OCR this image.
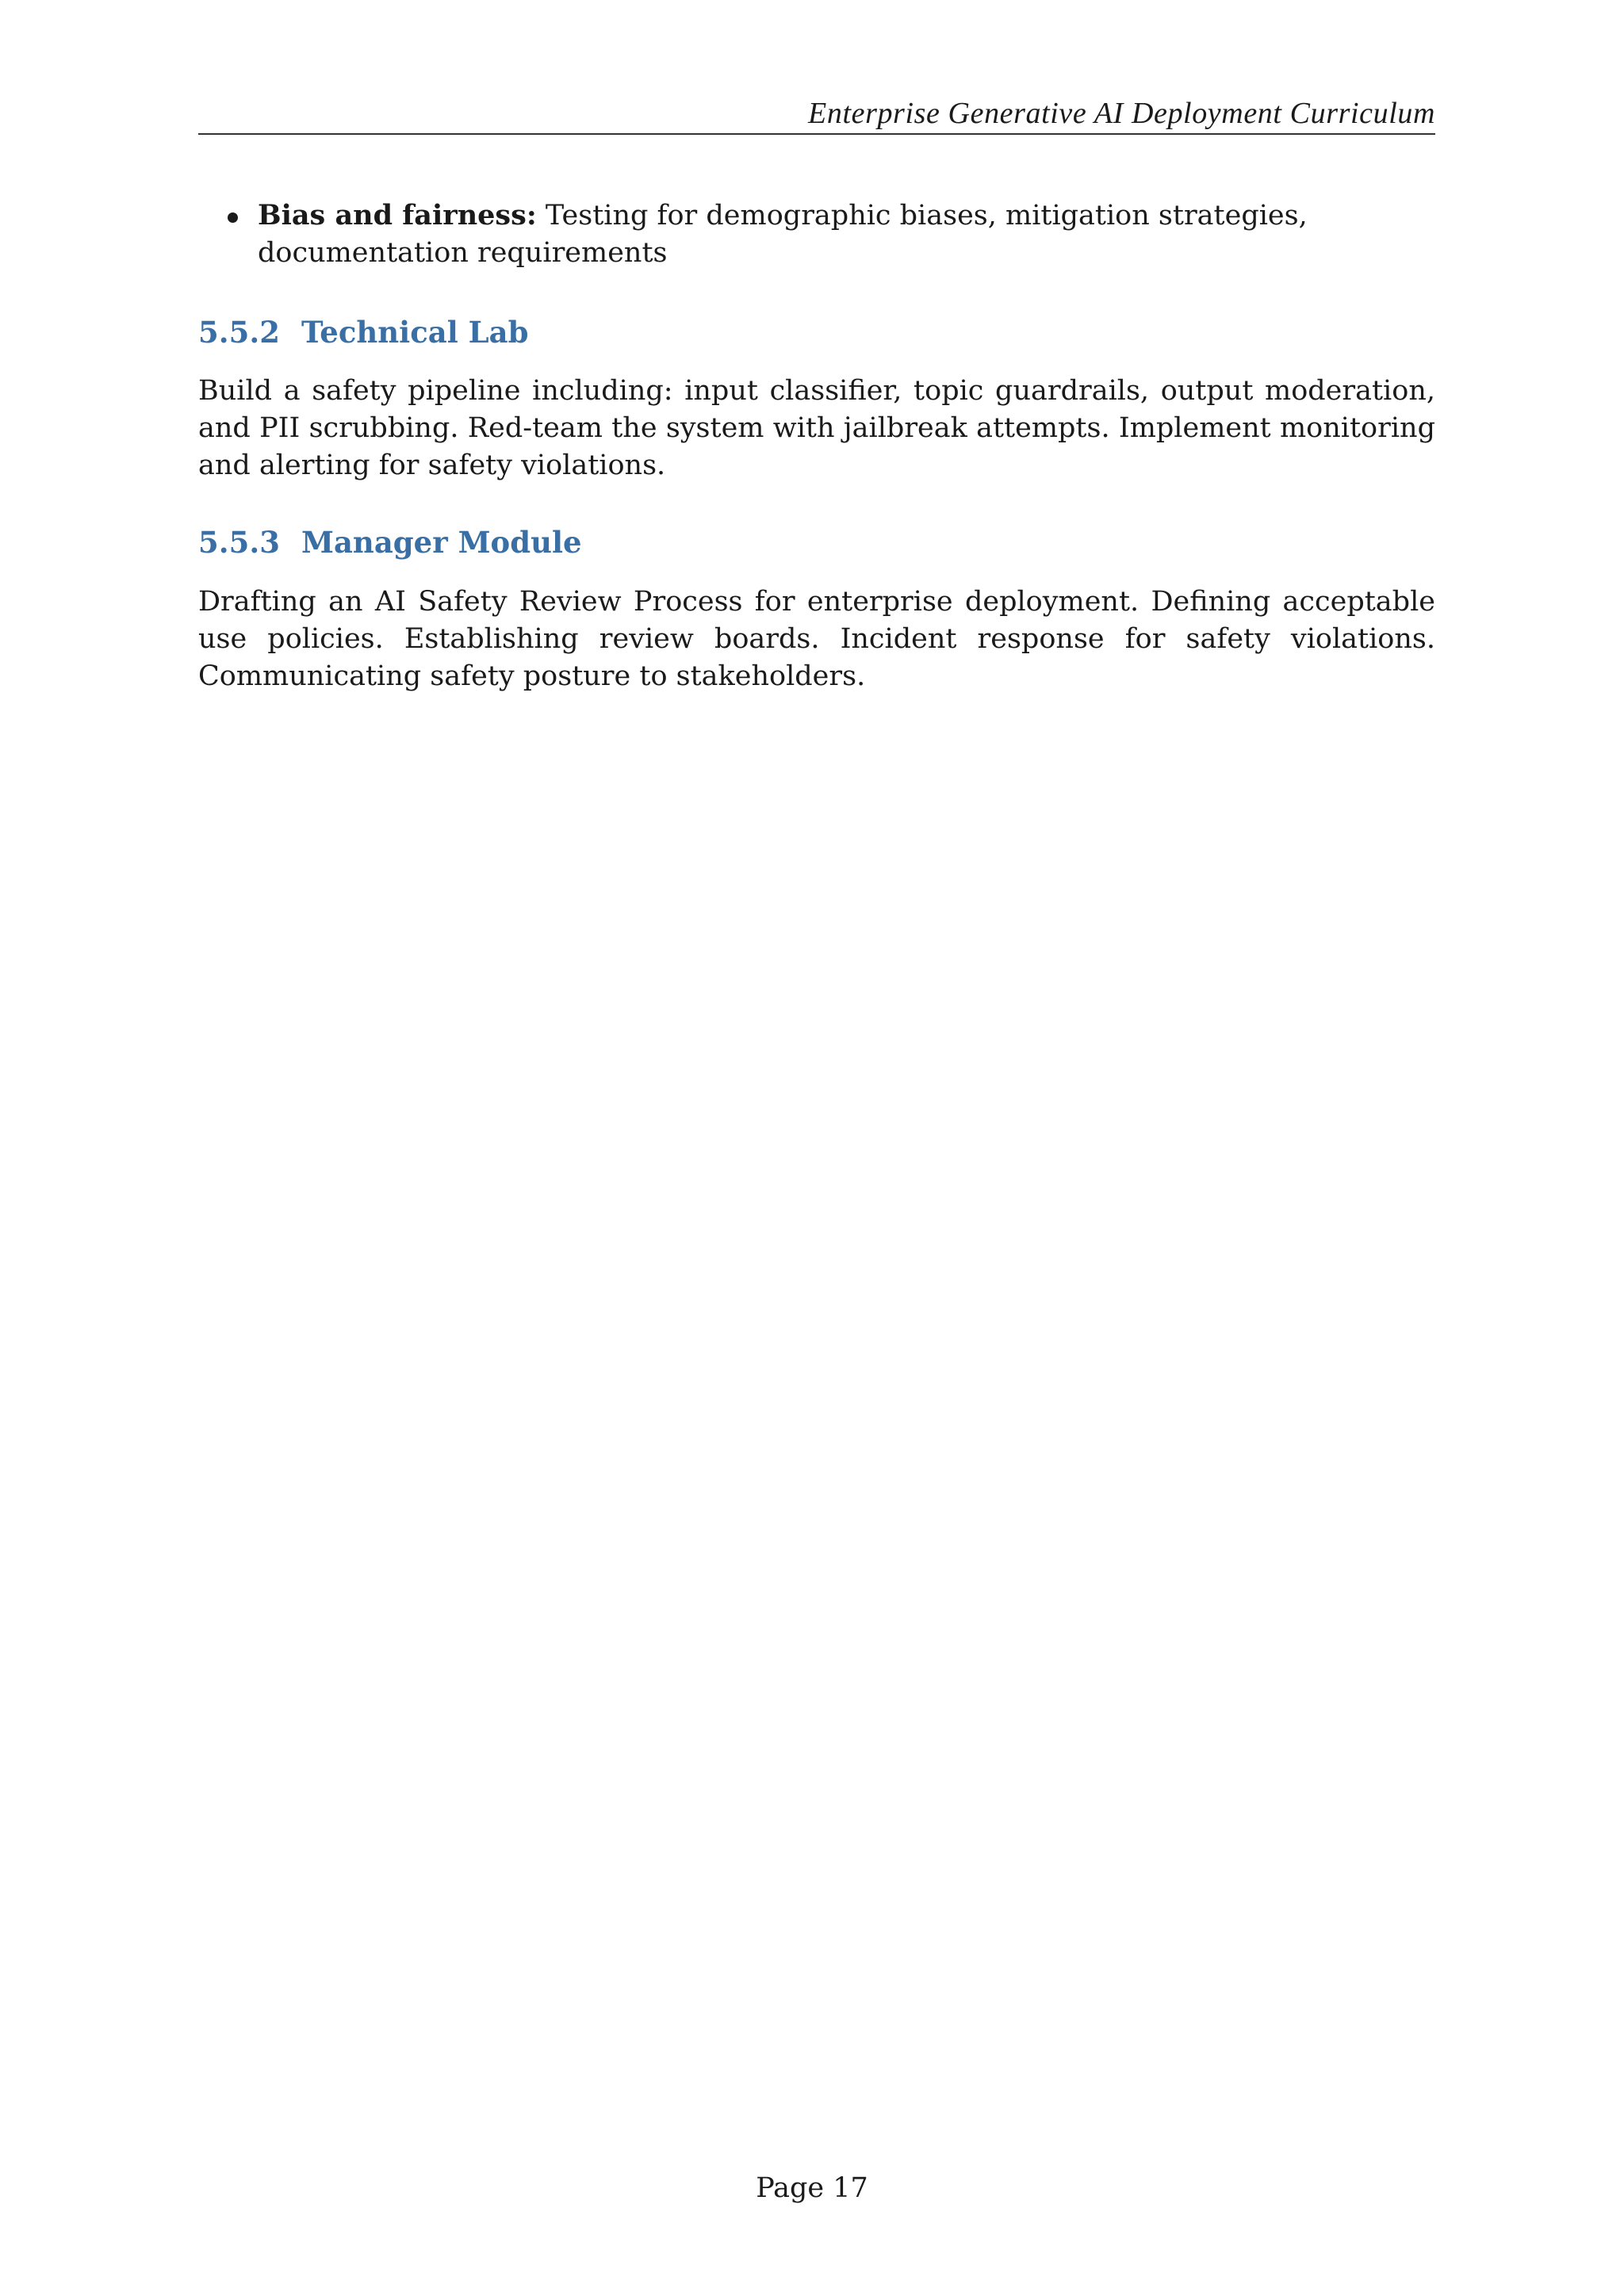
Enterprise Generative AI Deployment Curriculum
Bias and fairness: Testing for demographic biases, mitigation strategies, documentation requirements
5.5.2 Technical Lab
Build a safety pipeline including: input classifier, topic guardrails, output moderation, and PII scrubbing. Red-team the system with jailbreak attempts. Implement monitoring and alerting for safety violations.
5.5.3 Manager Module
Drafting an AI Safety Review Process for enterprise deployment. Defining acceptable use policies. Establishing review boards. Incident response for safety violations. Communicating safety posture to stakeholders.
Page 17
